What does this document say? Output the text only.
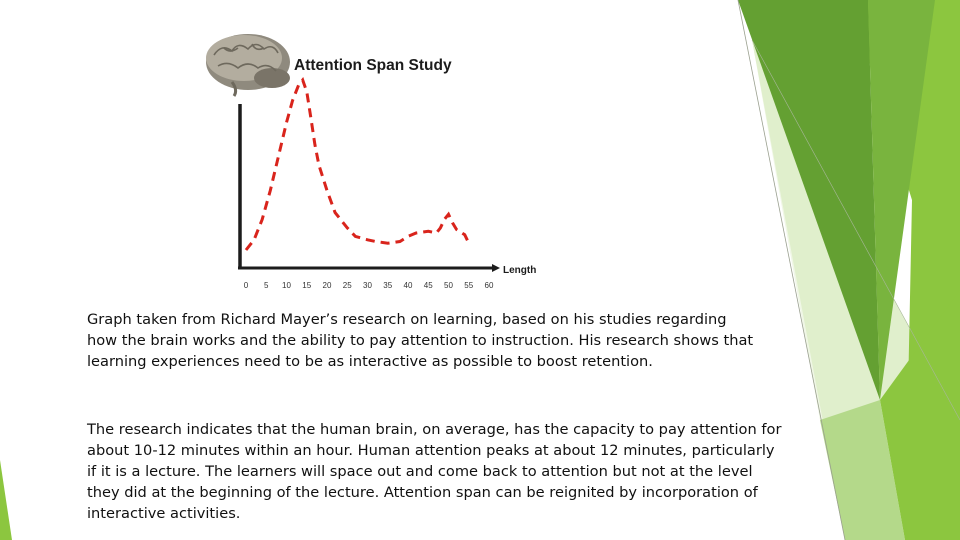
Attention Span Study
Length
0 5 10 15 20 25 30 35 40 45 50 55 60

Graph taken from Richard Mayer’s research on learning, based on his studies regarding how the brain works and the ability to pay attention to instruction. His research shows that learning experiences need to be as interactive as possible to boost retention.

The research indicates that the human brain, on average, has the capacity to pay attention for about 10-12 minutes within an hour. Human attention peaks at about 12 minutes, particularly if it is a lecture. The learners will space out and come back to attention but not at the level they did at the beginning of the lecture. Attention span can be reignited by incorporation of interactive activities.
